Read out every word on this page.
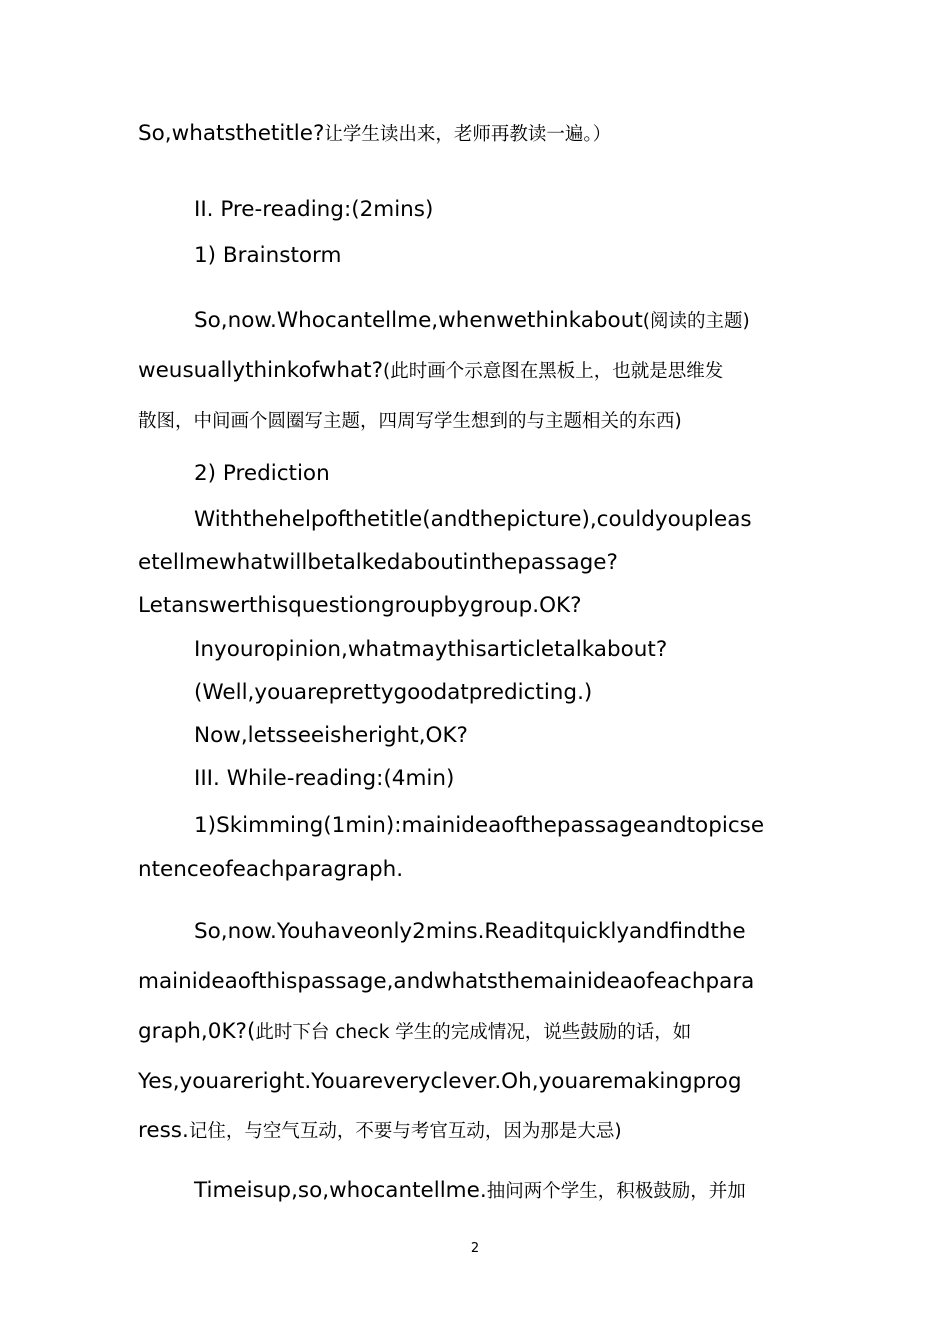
So,whatsthetitle?让学生读出来，老师再教读一遍。）
II. Pre-reading:(2mins)
1) Brainstorm
So,now.Whocantellme,whenwethinkabout(阅读的主题)
weusuallythinkofwhat?(此时画个示意图在黑板上，也就是思维发
散图，中间画个圆圈写主题，四周写学生想到的与主题相关的东西)
2) Prediction
Withthehelpofthetitle(andthepicture),couldyoupleas
etellmewhatwillbetalkedaboutinthepassage?
Letanswerthisquestiongroupbygroup.OK?
Inyouropinion,whatmaythisarticletalkabout?
(Well,youareprettygoodatpredicting.)
Now,letsseeisheright,OK?
III. While-reading:(4min)
1)Skimming(1min):mainideaofthepassageandtopicse
ntenceofeachparagraph.
So,now.Youhaveonly2mins.Readitquicklyandfindthe
mainideaofthispassage,andwhatsthemainideaofeachpara
graph,0K?(此时下台 check 学生的完成情况，说些鼓励的话，如
Yes,youareright.Youareveryclever.Oh,youaremakingprog
ress.记住，与空气互动，不要与考官互动，因为那是大忌)
Timeisup,so,whocantellme.抽问两个学生，积极鼓励，并加
2
